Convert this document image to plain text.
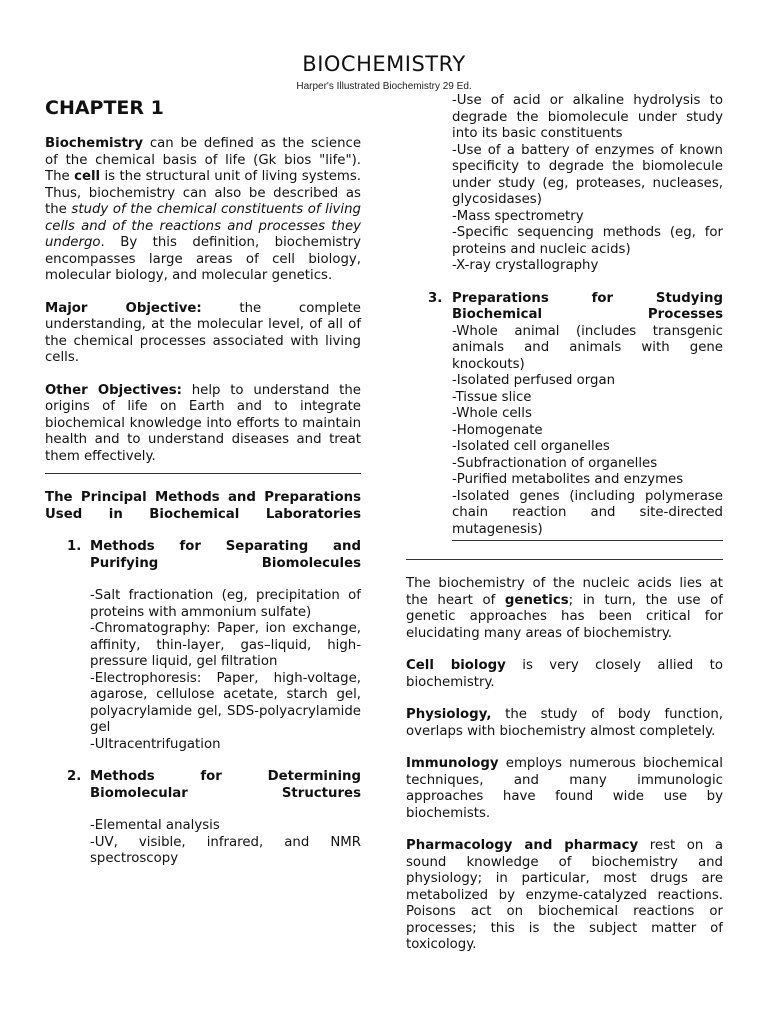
BIOCHEMISTRY
Harper's Illustrated Biochemistry 29 Ed.

CHAPTER 1

Biochemistry can be defined as the science of the chemical basis of life (Gk bios "life"). The cell is the structural unit of living systems. Thus, biochemistry can also be described as the study of the chemical constituents of living cells and of the reactions and processes they undergo. By this definition, biochemistry encompasses large areas of cell biology, molecular biology, and molecular genetics.

Major Objective: the complete understanding, at the molecular level, of all of the chemical processes associated with living cells.

Other Objectives: help to understand the origins of life on Earth and to integrate biochemical knowledge into efforts to maintain health and to understand diseases and treat them effectively.

The Principal Methods and Preparations Used in Biochemical Laboratories

1. Methods for Separating and Purifying Biomolecules

-Salt fractionation (eg, precipitation of proteins with ammonium sulfate)
-Chromatography: Paper, ion exchange, affinity, thin-layer, gas–liquid, high-pressure liquid, gel filtration
-Electrophoresis: Paper, high-voltage, agarose, cellulose acetate, starch gel, polyacrylamide gel, SDS-polyacrylamide gel
-Ultracentrifugation
2. Methods for Determining Biomolecular Structures

-Elemental analysis
-UV, visible, infrared, and NMR spectroscopy
-Use of acid or alkaline hydrolysis to degrade the biomolecule under study into its basic constituents
-Use of a battery of enzymes of known specificity to degrade the biomolecule under study (eg, proteases, nucleases, glycosidases)
-Mass spectrometry
-Specific sequencing methods (eg, for proteins and nucleic acids)
-X-ray crystallography
3. Preparations for Studying Biochemical Processes

-Whole animal (includes transgenic animals and animals with gene knockouts)
-Isolated perfused organ
-Tissue slice
-Whole cells
-Homogenate
-Isolated cell organelles
-Subfractionation of organelles
-Purified metabolites and enzymes
-Isolated genes (including polymerase chain reaction and site-directed mutagenesis)

The biochemistry of the nucleic acids lies at the heart of genetics; in turn, the use of genetic approaches has been critical for elucidating many areas of biochemistry.

Cell biology is very closely allied to biochemistry.

Physiology, the study of body function, overlaps with biochemistry almost completely.

Immunology employs numerous biochemical techniques, and many immunologic approaches have found wide use by biochemists.

Pharmacology and pharmacy rest on a sound knowledge of biochemistry and physiology; in particular, most drugs are metabolized by enzyme-catalyzed reactions. Poisons act on biochemical reactions or processes; this is the subject matter of toxicology.
